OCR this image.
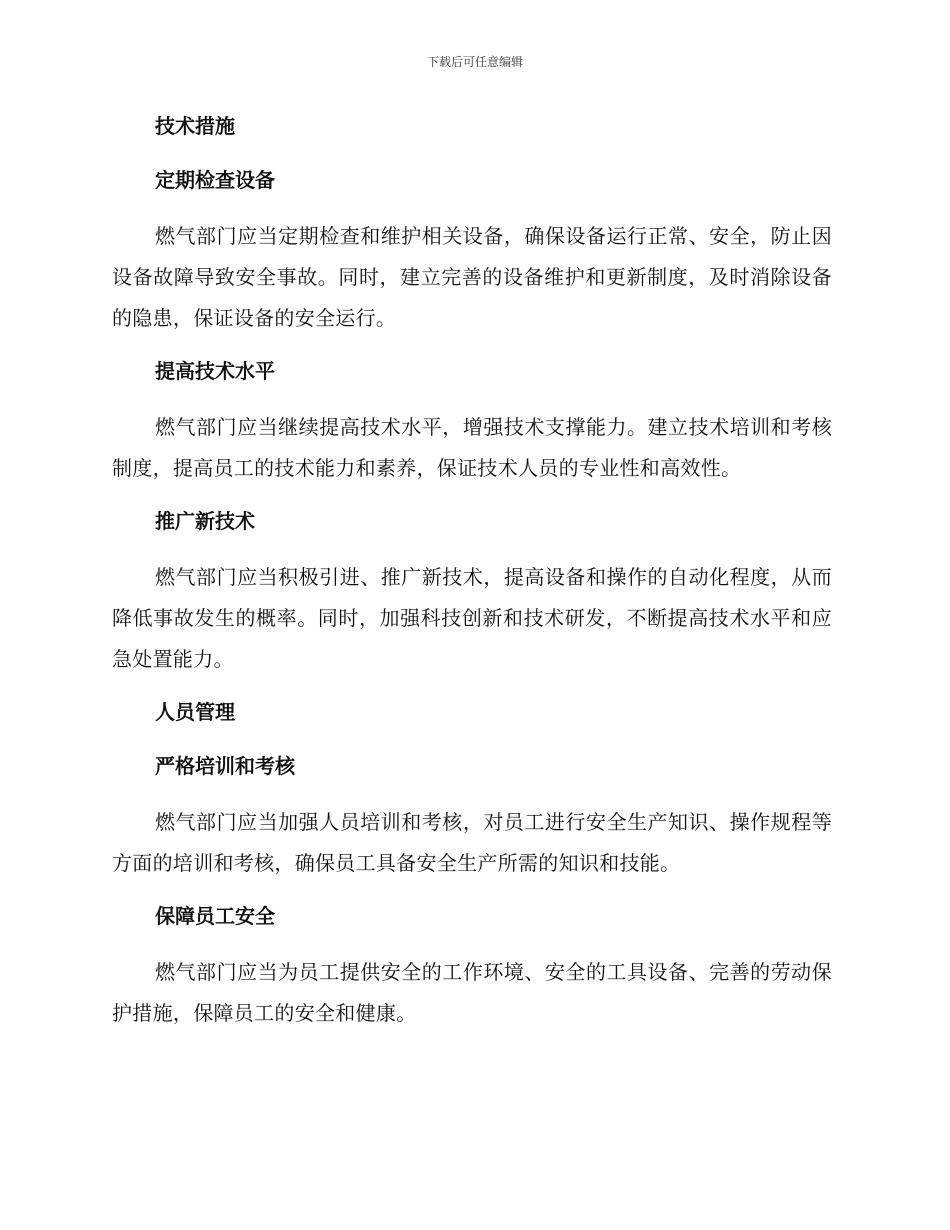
下载后可任意编辑
技术措施
定期检查设备

燃气部门应当定期检查和维护相关设备，确保设备运行正常、安全，防止因设备故障导致安全事故。同时，建立完善的设备维护和更新制度，及时消除设备的隐患，保证设备的安全运行。

提高技术水平

燃气部门应当继续提高技术水平，增强技术支撑能力。建立技术培训和考核制度，提高员工的技术能力和素养，保证技术人员的专业性和高效性。

推广新技术

燃气部门应当积极引进、推广新技术，提高设备和操作的自动化程度，从而降低事故发生的概率。同时，加强科技创新和技术研发，不断提高技术水平和应急处置能力。

人员管理
严格培训和考核

燃气部门应当加强人员培训和考核，对员工进行安全生产知识、操作规程等方面的培训和考核，确保员工具备安全生产所需的知识和技能。

保障员工安全

燃气部门应当为员工提供安全的工作环境、安全的工具设备、完善的劳动保护措施，保障员工的安全和健康。
